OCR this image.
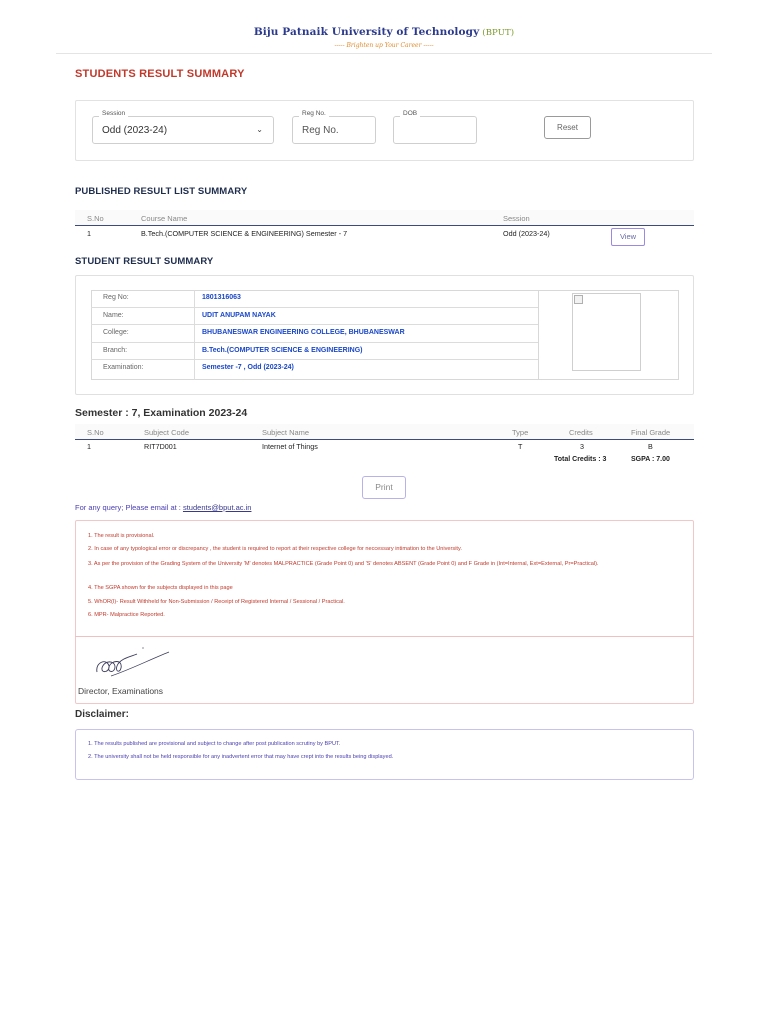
Biju Patnaik University of Technology (BPUT)
----- Brighten up Your Career -----
STUDENTS RESULT SUMMARY
Session
Odd (2023-24)	⌄
Reg No.
Reg No.
DOB
Reset
PUBLISHED RESULT LIST SUMMARY
S.No	Course Name	Session
1	B.Tech.(COMPUTER SCIENCE & ENGINEERING) Semester - 7	Odd (2023-24)	View
STUDENT RESULT SUMMARY
Reg No:	1801316063
Name:	UDIT ANUPAM NAYAK
College:	BHUBANESWAR ENGINEERING COLLEGE, BHUBANESWAR
Branch:	B.Tech.(COMPUTER SCIENCE & ENGINEERING)
Examination:	Semester -7 , Odd (2023-24)
Semester : 7, Examination 2023-24
S.No	Subject Code	Subject Name	Type	Credits	Final Grade
1	RIT7D001	Internet of Things	T	3	B
Total Credits : 3	SGPA : 7.00
Print
For any query; Please email at : students@bput.ac.in
1. The result is provisional.
2. In case of any typological error or discrepancy , the student is required to report at their respective college for neccessary intimation to the University.
3. As per the provision of the Grading System of the University 'M' denotes MALPRACTICE (Grade Point 0) and 'S' denotes ABSENT (Grade Point 0) and F Grade in (Int=Internal, Ext=External, Pr=Practical).
4. The SGPA shown for the subjects displayed in this page
5. WhOR(I)- Result Withheld for Non-Submission / Receipt of Registered Internal / Sessional / Practical.
6. MPR- Malpractice Reported.
Director, Examinations
Disclaimer:
1. The results published are provisional and subject to change after post publication scrutiny by BPUT.
2. The university shall not be held responsible for any inadvertent error that may have crept into the results being displayed.
